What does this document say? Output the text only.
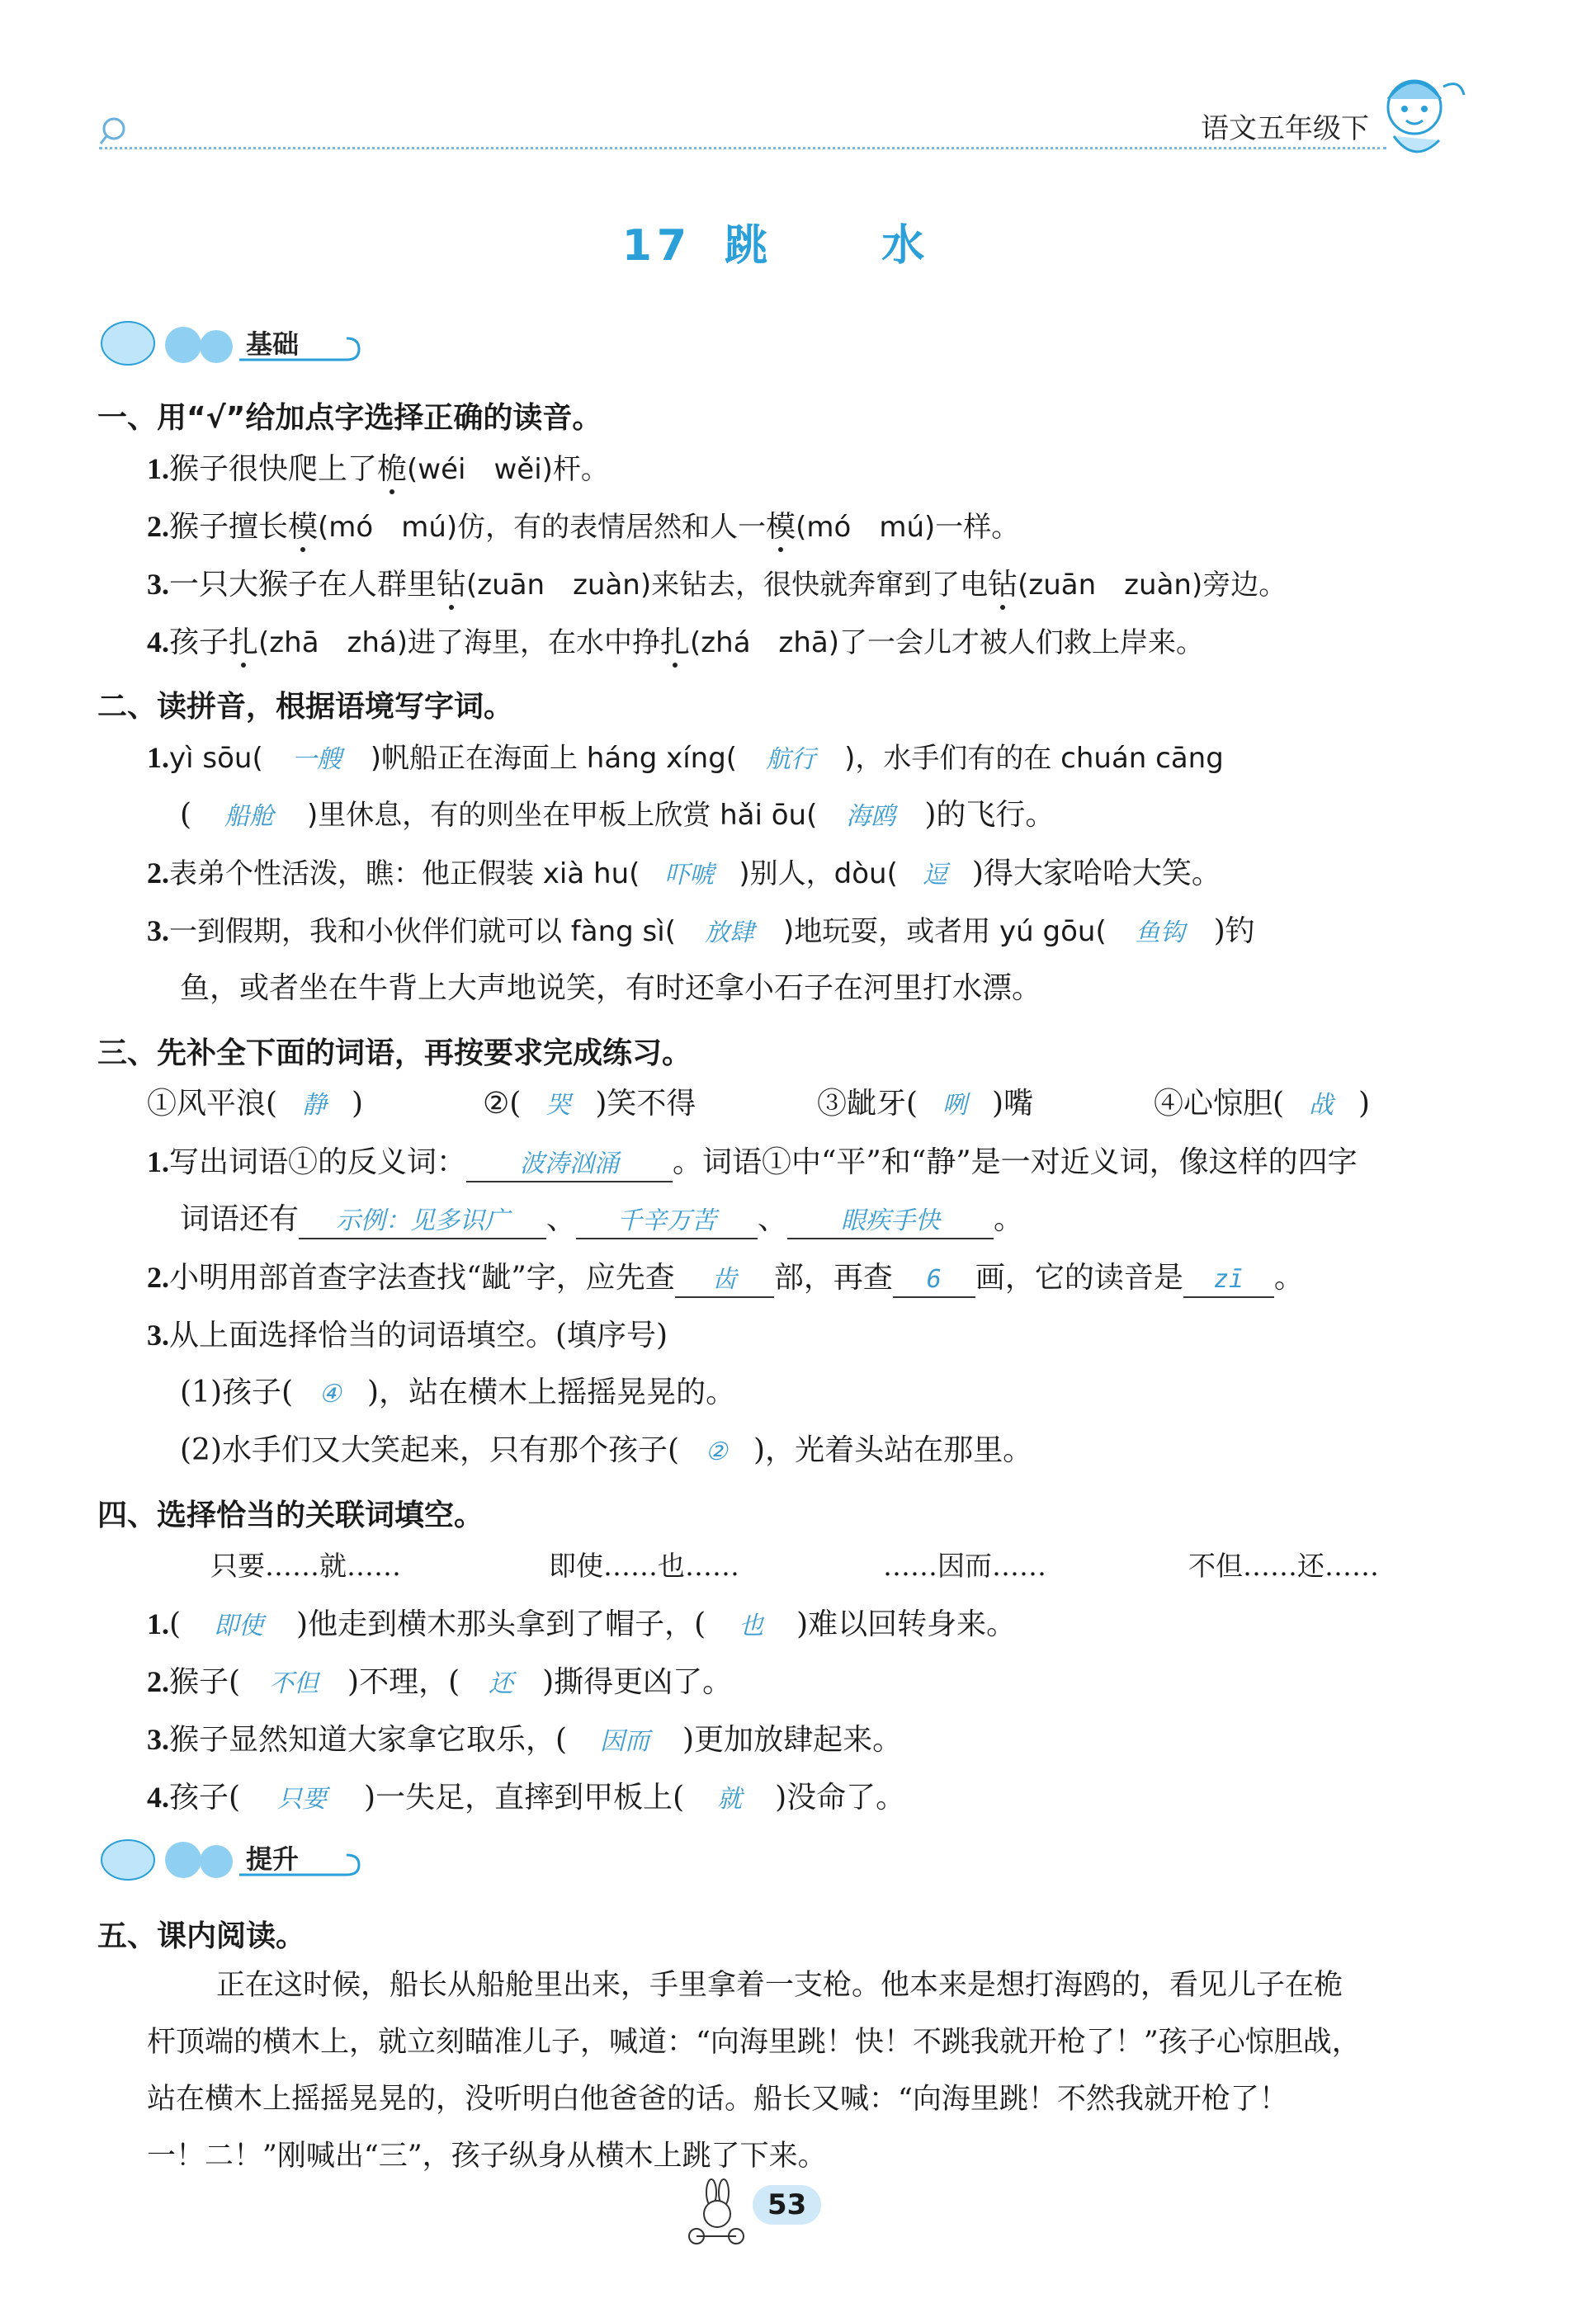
语文五年级下
17 跳 水
基础
一、用“√”给加点字选择正确的读音。
1.猴子很快爬上了桅(wéi　wěi)杆。
2.猴子擅长模(mó　mú)仿，有的表情居然和人一模(mó　mú)一样。
3.一只大猴子在人群里钻(zuān　zuàn)来钻去，很快就奔窜到了电钻(zuān　zuàn)旁边。
4.孩子扎(zhā　zhá)进了海里，在水中挣扎(zhá　zhā)了一会儿才被人们救上岸来。
二、读拼音，根据语境写字词。
1.yì sōu( 一艘 )帆船正在海面上 háng xíng( 航行 )，水手们有的在 chuán cāng
( 船舱 )里休息，有的则坐在甲板上欣赏 hǎi ōu( 海鸥 )的飞行。
2.表弟个性活泼，瞧：他正假装 xià hu( 吓唬 )别人，dòu( 逗 )得大家哈哈大笑。
3.一到假期，我和小伙伴们就可以 fàng sì( 放肆 )地玩耍，或者用 yú gōu( 鱼钩 )钓
鱼，或者坐在牛背上大声地说笑，有时还拿小石子在河里打水漂。
三、先补全下面的词语，再按要求完成练习。
①风平浪( 静 )	②( 哭 )笑不得	③龇牙( 咧 )嘴	④心惊胆( 战 )
1.写出词语①的反义词： 波涛汹涌 。词语①中“平”和“静”是一对近义词，像这样的四字
词语还有 示例：见多识广 、 千辛万苦 、 眼疾手快 。
2.小明用部首查字法查找“龇”字，应先查 齿 部，再查 6 画，它的读音是 zī 。
3.从上面选择恰当的词语填空。(填序号)
(1)孩子( ④ )，站在横木上摇摇晃晃的。
(2)水手们又大笑起来，只有那个孩子( ② )，光着头站在那里。
四、选择恰当的关联词填空。
只要……就……	即使……也……	……因而……	不但……还……
1.( 即使 )他走到横木那头拿到了帽子，( 也 )难以回转身来。
2.猴子( 不但 )不理，( 还 )撕得更凶了。
3.猴子显然知道大家拿它取乐，( 因而 )更加放肆起来。
4.孩子( 只要 )一失足，直摔到甲板上( 就 )没命了。
提升
五、课内阅读。
正在这时候，船长从船舱里出来，手里拿着一支枪。他本来是想打海鸥的，看见儿子在桅
杆顶端的横木上，就立刻瞄准儿子，喊道：“向海里跳！快！不跳我就开枪了！”孩子心惊胆战，
站在横木上摇摇晃晃的，没听明白他爸爸的话。船长又喊：“向海里跳！不然我就开枪了！
一！二！”刚喊出“三”，孩子纵身从横木上跳了下来。
53
